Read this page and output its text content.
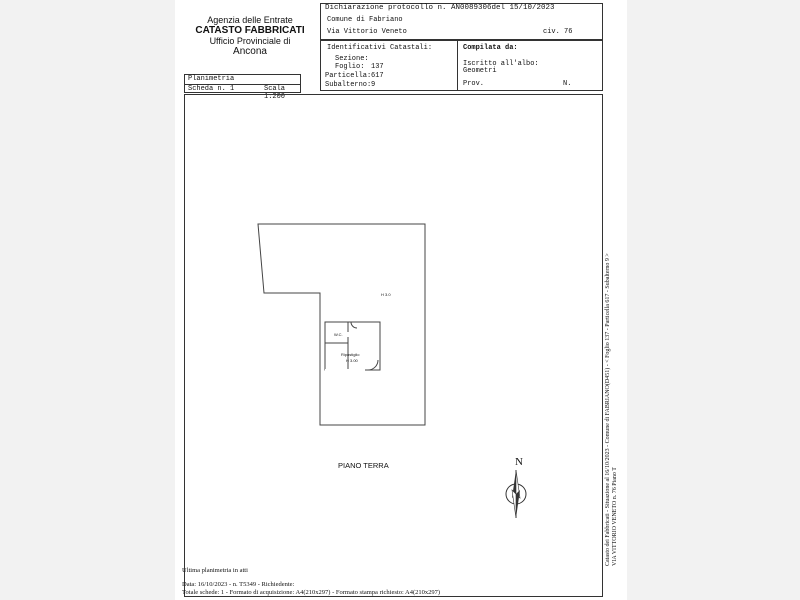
Agenzia delle Entrate
CATASTO FABBRICATI
Ufficio Provinciale di
Ancona
Dichiarazione protocollo n. AN0089306del 15/10/2023
Comune di Fabriano
Via Vittorio Veneto	civ. 76
Identificativi Catastali:
Sezione:
Foglio: 137
Particella: 617
Subalterno: 9
Compilata da:
Iscritto all'albo:
Geometri
Prov.	N.
Planimetria
Scheda n. 1	Scala 1:200
H 3.0
W.C.
Ripostiglio
H 3.00
PIANO TERRA	N
Ultima planimetria in atti
Data: 16/10/2023 - n. T5349 - Richiedente:
Totale schede: 1 - Formato di acquisizione: A4(210x297) - Formato stampa richiesto: A4(210x297)
Catasto dei Fabbricati - Situazione al 16/10/2023 - Comune di FABRIANO(D451) - < Foglio 137 - Particella 617 - Subalterno 9 > VIA VITTORIO VENETO n. 76 Piano T
